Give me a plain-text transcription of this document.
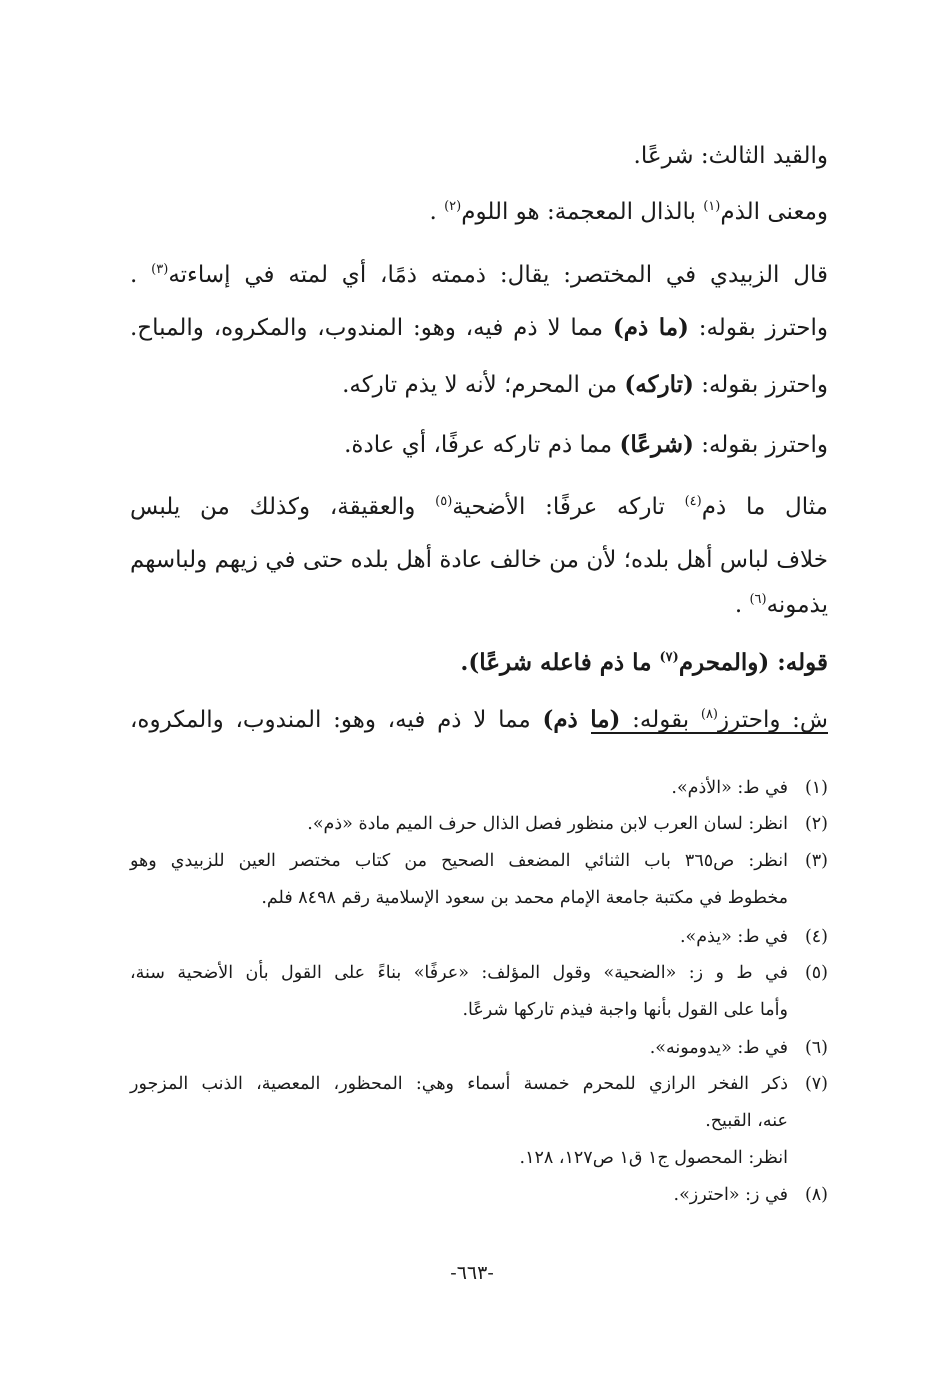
والقيد الثالث: شرعًا.
ومعنى الذم$^{(١)}$ بالذال المعجمة: هو اللوم$^{(٢)}$ .
قال الزبيدي في المختصر: يقال: ذممته ذمًا، أي لمته في إساءته$^{(٣)}$ .
واحترز بقوله: (ما ذم) مما لا ذم فيه، وهو: المندوب، والمكروه، والمباح.
واحترز بقوله: (تاركه) من المحرم؛ لأنه لا يذم تاركه.
واحترز بقوله: (شرعًا) مما ذم تاركه عرفًا، أي عادة.
مثال ما ذم$^{(٤)}$ تاركه عرفًا: الأضحية$^{(٥)}$ والعقيقة، وكذلك من يلبس
خلاف لباس أهل بلده؛ لأن من خالف عادة أهل بلده حتى في زيهم ولباسهم
يذمونه$^{(٦)}$ .
قوله: (والمحرم$^{(٧)}$ ما ذم فاعله شرعًا).
ش: واحترز$^{(٨)}$ بقوله: (ما ذم) مما لا ذم فيه، وهو: المندوب، والمكروه،
(١)في ط: «الأذم».
(٢)انظر: لسان العرب لابن منظور فصل الذال حرف الميم مادة «ذم».
(٣)انظر: ص٣٦٥ باب الثنائي المضعف الصحيح من كتاب مختصر العين للزبيدي وهو
مخطوط في مكتبة جامعة الإمام محمد بن سعود الإسلامية رقم ٨٤٩٨ فلم.
(٤)في ط: «يذم».
(٥)في ط و ز: «الضحية» وقول المؤلف: «عرفًا» بناءً على القول بأن الأضحية سنة،
وأما على القول بأنها واجبة فيذم تاركها شرعًا.
(٦)في ط: «يدومونه».
(٧)ذكر الفخر الرازي للمحرم خمسة أسماء وهي: المحظور، المعصية، الذنب المزجور
عنه، القبيح.
انظر: المحصول ج١ ق١ ص١٢٧، ١٢٨.
(٨)في ز: «احترز».
-٦٦٣-
